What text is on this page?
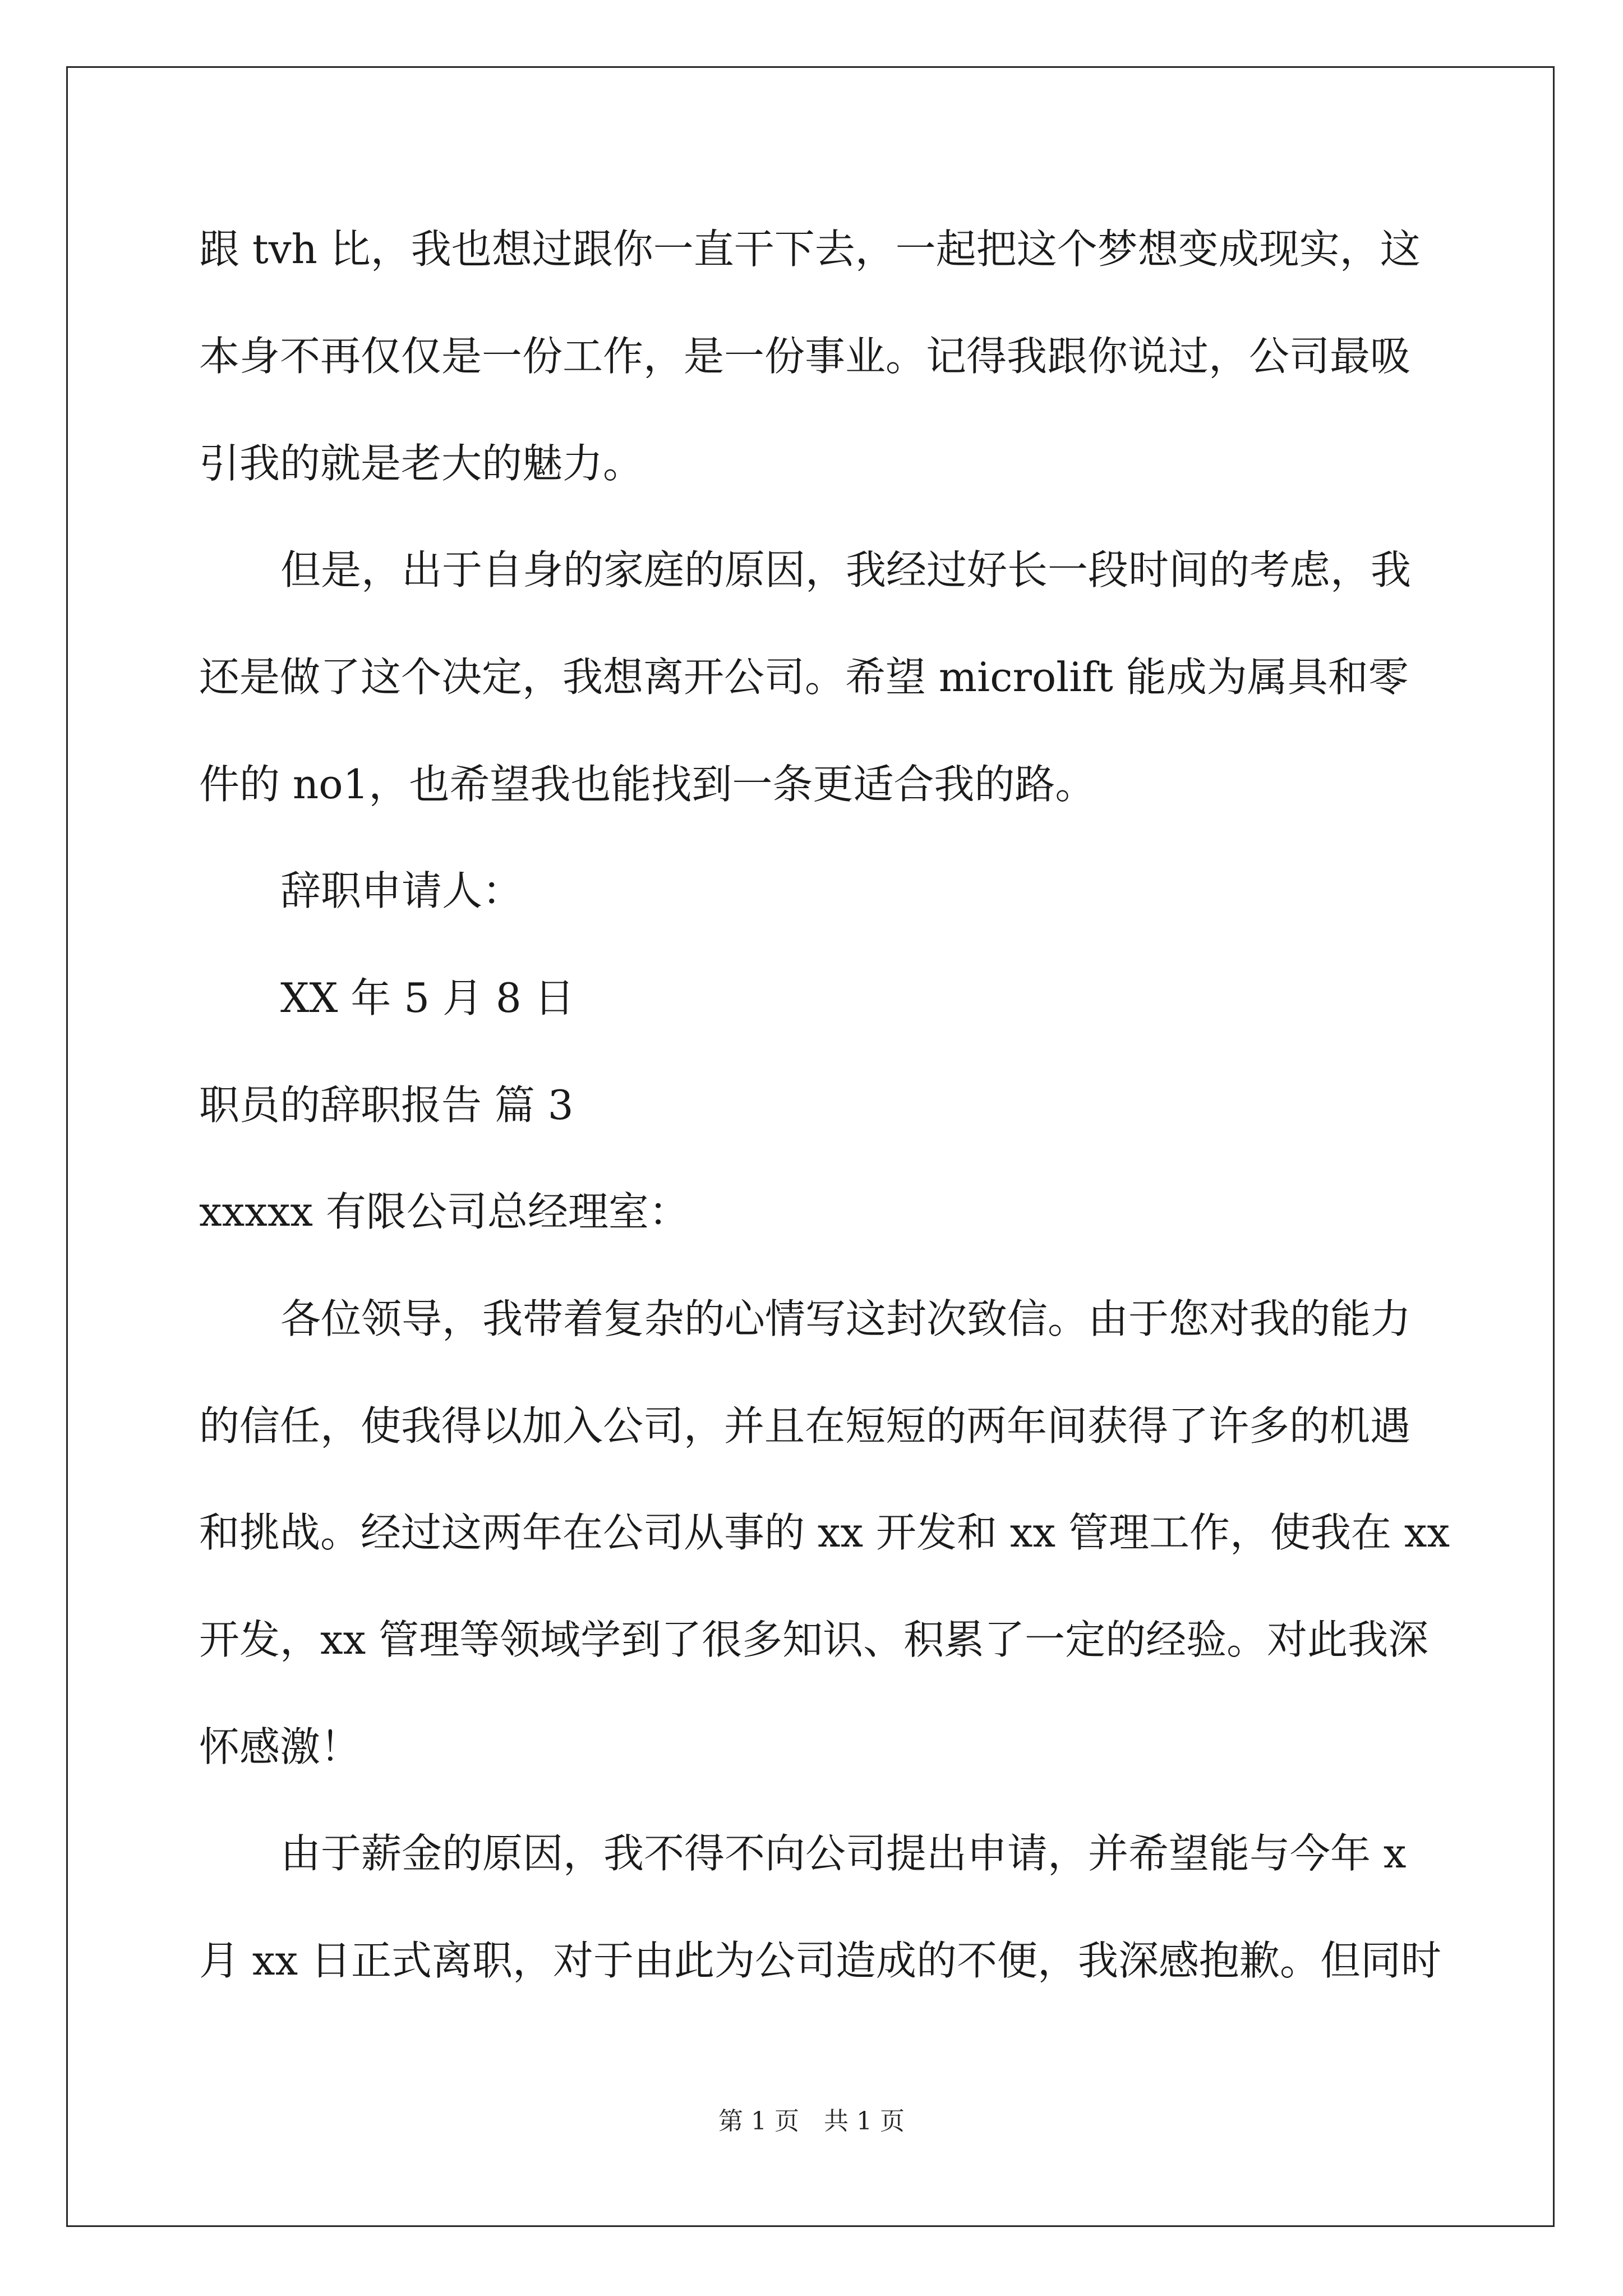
跟 tvh 比，我也想过跟你一直干下去，一起把这个梦想变成现实，这
本身不再仅仅是一份工作，是一份事业。记得我跟你说过，公司最吸
引我的就是老大的魅力。
但是，出于自身的家庭的原因，我经过好长一段时间的考虑，我
还是做了这个决定，我想离开公司。希望 microlift 能成为属具和零
件的 no1，也希望我也能找到一条更适合我的路。
辞职申请人：
XX 年 5 月 8 日
职员的辞职报告 篇 3
xxxxx 有限公司总经理室：
各位领导，我带着复杂的心情写这封次致信。由于您对我的能力
的信任，使我得以加入公司，并且在短短的两年间获得了许多的机遇
和挑战。经过这两年在公司从事的 xx 开发和 xx 管理工作，使我在 xx
开发，xx 管理等领域学到了很多知识、积累了一定的经验。对此我深
怀感激！
由于薪金的原因，我不得不向公司提出申请，并希望能与今年 x
月 xx 日正式离职，对于由此为公司造成的不便，我深感抱歉。但同时
第 1 页　共 1 页
